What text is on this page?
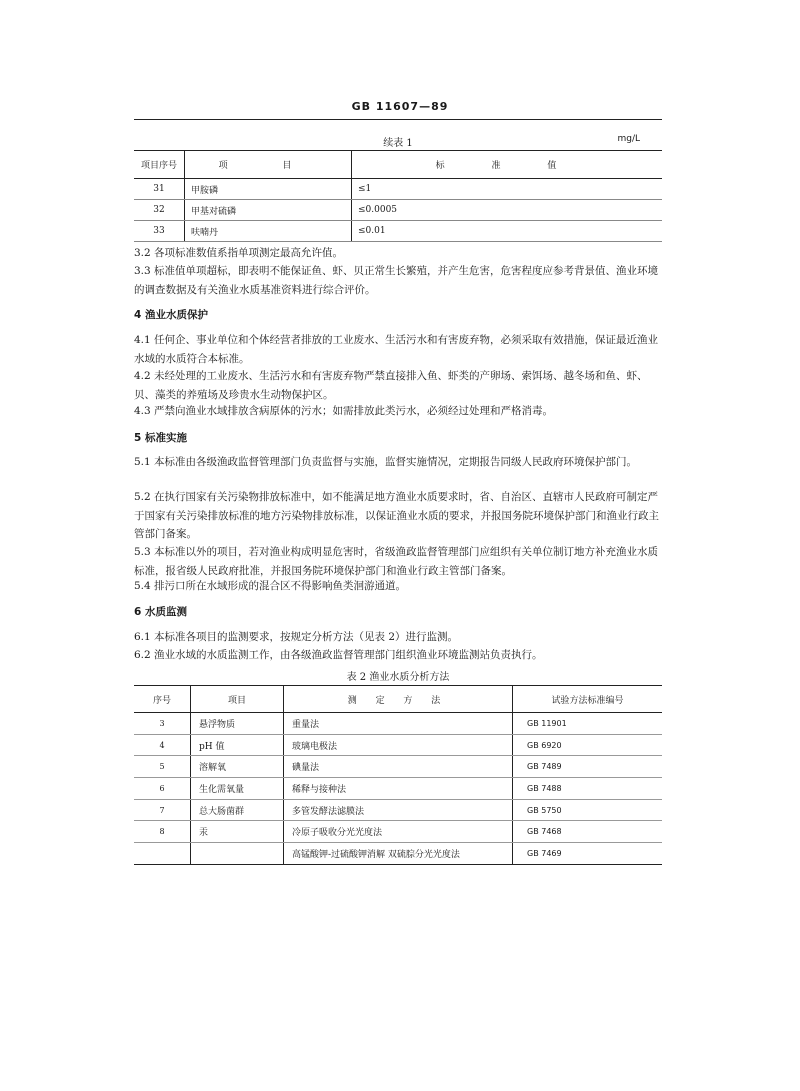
GB 11607—89
续表 1	mg/L
项目序号	项 目	标 准 值
31	甲胺磷	≤1
32	甲基对硫磷	≤0.0005
33	呋喃丹	≤0.01
3.2 各项标准数值系指单项测定最高允许值。
3.3 标准值单项超标，即表明不能保证鱼、虾、贝正常生长繁殖，并产生危害，危害程度应参考背景值、渔业环境的调查数据及有关渔业水质基准资料进行综合评价。
4 渔业水质保护
4.1 任何企、事业单位和个体经营者排放的工业废水、生活污水和有害废弃物，必须采取有效措施，保证最近渔业水域的水质符合本标准。
4.2 未经处理的工业废水、生活污水和有害废弃物严禁直接排入鱼、虾类的产卵场、索饵场、越冬场和鱼、虾、贝、藻类的养殖场及珍贵水生动物保护区。
4.3 严禁向渔业水域排放含病原体的污水；如需排放此类污水，必须经过处理和严格消毒。
5 标准实施
5.1 本标准由各级渔政监督管理部门负责监督与实施，监督实施情况，定期报告同级人民政府环境保护部门。
5.2 在执行国家有关污染物排放标准中，如不能满足地方渔业水质要求时，省、自治区、直辖市人民政府可制定严于国家有关污染排放标准的地方污染物排放标准，以保证渔业水质的要求，并报国务院环境保护部门和渔业行政主管部门备案。
5.3 本标准以外的项目，若对渔业构成明显危害时，省级渔政监督管理部门应组织有关单位制订地方补充渔业水质标准，报省级人民政府批准，并报国务院环境保护部门和渔业行政主管部门备案。
5.4 排污口所在水域形成的混合区不得影响鱼类洄游通道。
6 水质监测
6.1 本标准各项目的监测要求，按规定分析方法（见表 2）进行监测。
6.2 渔业水域的水质监测工作，由各级渔政监督管理部门组织渔业环境监测站负责执行。
表 2 渔业水质分析方法
序号	项目	测 定 方 法	试验方法标准编号
3	悬浮物质	重量法	GB 11901
4	pH 值	玻璃电极法	GB 6920
5	溶解氧	碘量法	GB 7489
6	生化需氧量	稀释与接种法	GB 7488
7	总大肠菌群	多管发酵法滤膜法	GB 5750
8	汞	冷原子吸收分光光度法	GB 7468
		高锰酸钾-过硫酸钾消解 双硫腙分光光度法	GB 7469
